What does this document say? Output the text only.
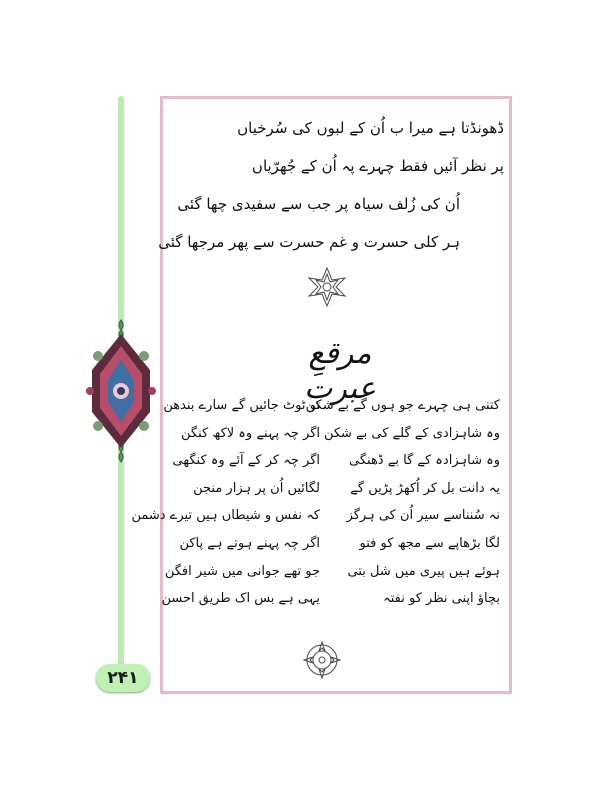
ڈھونڈتا ہے میرا ب اُن کے لبوں کی سُرخیاں
پر نظر آئیں فقط چہرے پہ اُن کے جُھرّیاں
اُن کی زُلف سیاہ پر جب سے سفیدی چھا گئی
ہر کلی حسرت و غم حسرت سے پھر مرجھا گئی
مرقعِ عبرت
کتنی ہی چہرے جو ہوں گے بے شکن
تو ٹوٹ جائیں گے سارے بندھن
وہ شاہزادی کے گلے کی بے شکن
اگر چہ پہنے وہ لاکھ کنگن
وہ شاہزادہ کے گا بے ڈھنگی
اگر چہ کر کے آئے وہ کنگھی
یہ دانت بل کر اُکھڑ پڑیں گے
لگائیں اُن پر ہزار منجن
نہ سُنناسے سیر اُن کی ہرگز
کہ نفس و شیطاں ہیں تیرے دشمن
لگا بڑھاپے سے مجھ کو فتو
اگر چہ پہنے ہوتے ہے پاکن
ہوئے ہیں پیری میں شل بتی
جو تھے جوانی میں شیر افگن
بچاؤ اپنی نظر کو نفتہ
یہی ہے بس اک طریق احسن
۲۴۱
